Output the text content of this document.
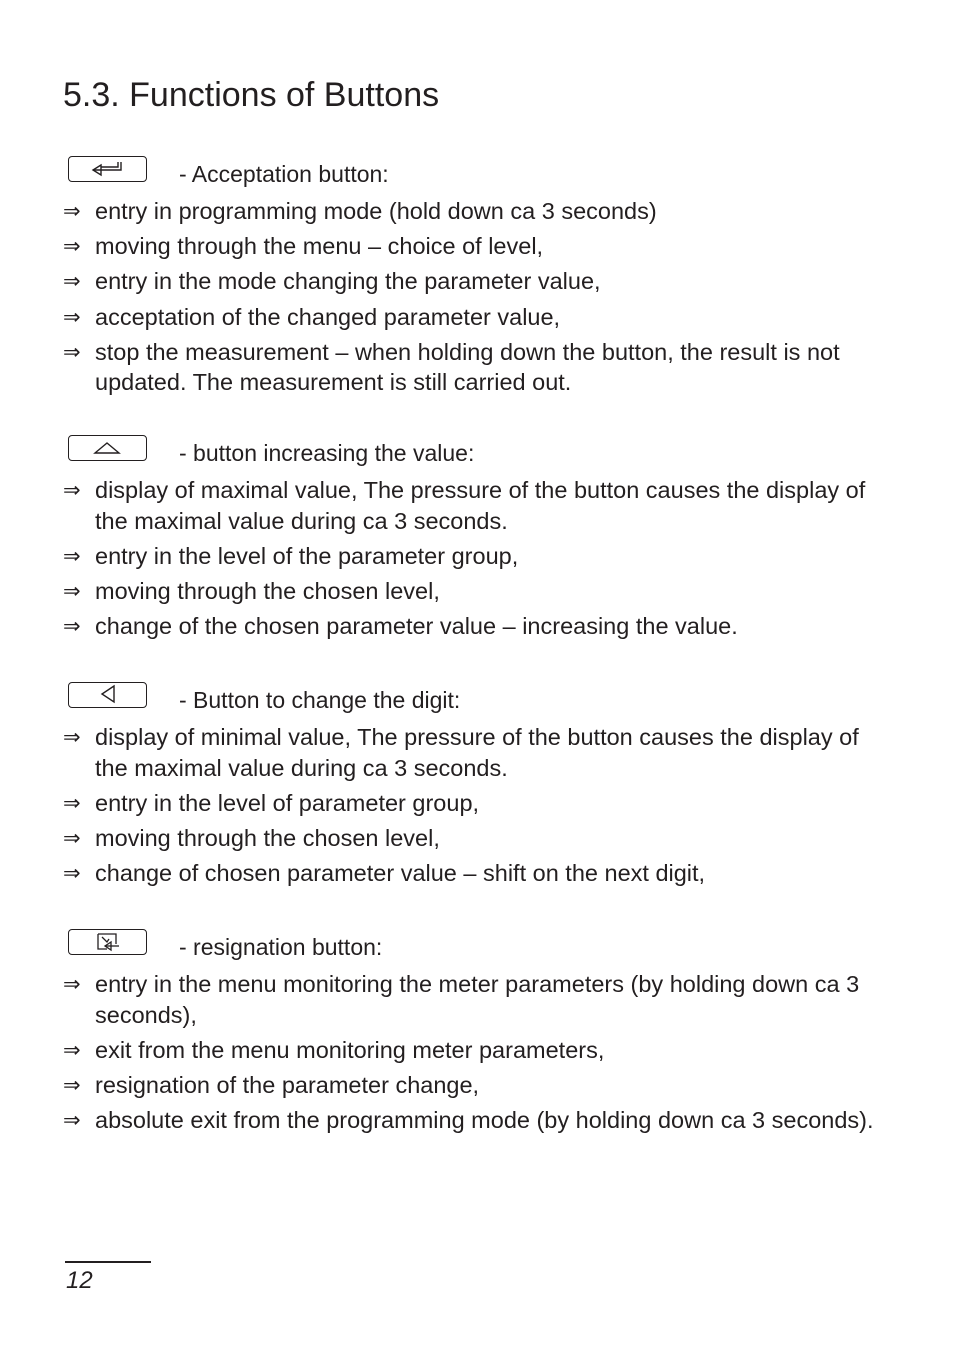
5.3. Functions of Buttons
- Acceptation button:
⇒ entry in programming mode (hold down ca 3 seconds)
⇒ moving through the menu – choice of level,
⇒ entry in the mode changing the parameter value,
⇒ acceptation of the changed parameter value,
⇒ stop the measurement – when holding down the button, the result is not updated. The measurement is still carried out.
- button increasing the value:
⇒ display of maximal value, The pressure of the button causes the display of the maximal value during ca 3 seconds.
⇒ entry in the level of the parameter group,
⇒ moving through the chosen level,
⇒ change of the chosen parameter value – increasing the value.
- Button to change the digit:
⇒ display of minimal value, The pressure of the button causes the display of the maximal value during ca 3 seconds.
⇒ entry in the level of parameter group,
⇒ moving through the chosen level,
⇒ change of chosen parameter value – shift on the next digit,
- resignation button:
⇒ entry in the menu monitoring the meter parameters (by holding down ca 3 seconds),
⇒ exit from the menu monitoring meter parameters,
⇒ resignation of the parameter change,
⇒ absolute exit from the programming mode (by holding down ca 3 seconds).
12
